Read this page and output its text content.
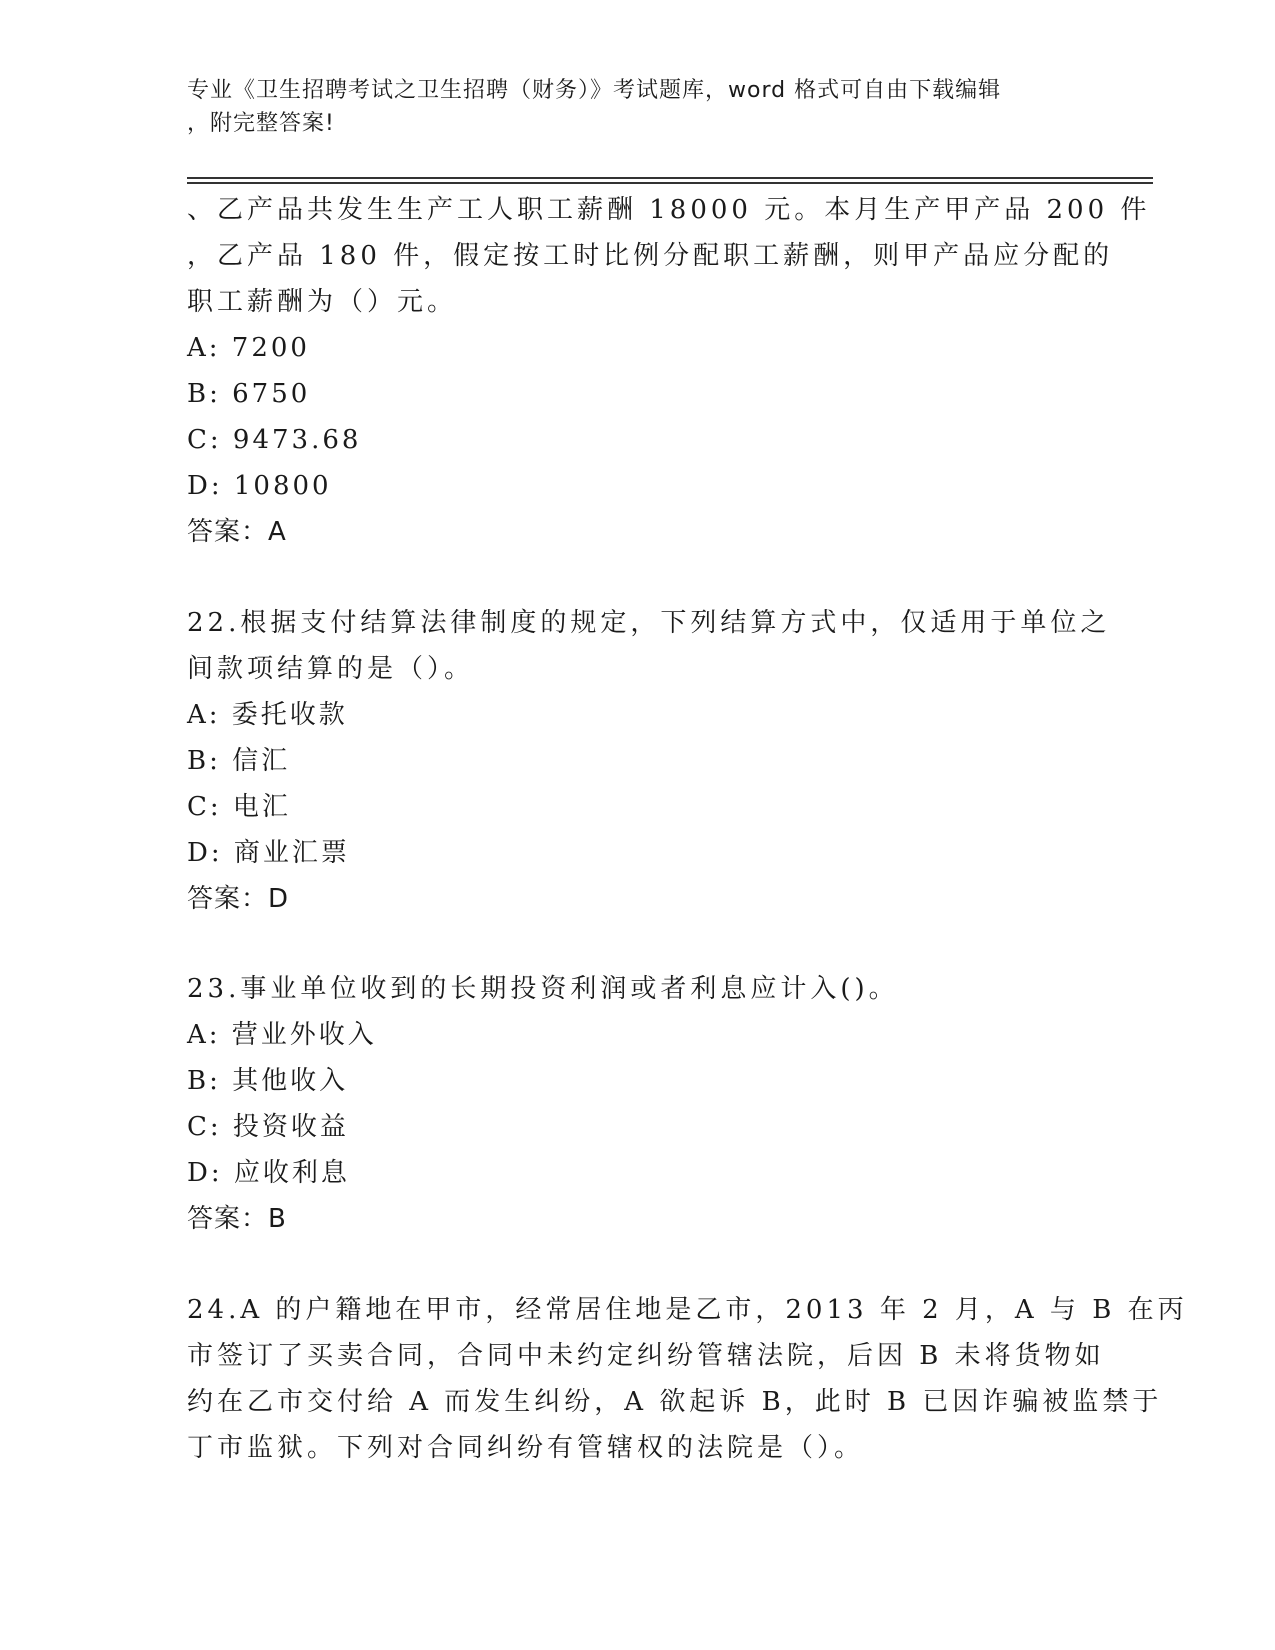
专业《卫生招聘考试之卫生招聘（财务）》考试题库，word 格式可自由下载编辑
，附完整答案!
、乙产品共发生生产工人职工薪酬 18000 元。本月生产甲产品 200 件
，乙产品 180 件，假定按工时比例分配职工薪酬，则甲产品应分配的
职工薪酬为（）元。
A: 7200
B: 6750
C: 9473.68
D: 10800
答案：A
22.根据支付结算法律制度的规定，下列结算方式中，仅适用于单位之
间款项结算的是（）。
A: 委托收款
B: 信汇
C: 电汇
D: 商业汇票
答案：D
23.事业单位收到的长期投资利润或者利息应计入()。
A: 营业外收入
B: 其他收入
C: 投资收益
D: 应收利息
答案：B
24.A 的户籍地在甲市，经常居住地是乙市，2013 年 2 月，A 与 B 在丙
市签订了买卖合同，合同中未约定纠纷管辖法院，后因 B 未将货物如
约在乙市交付给 A 而发生纠纷，A 欲起诉 B，此时 B 已因诈骗被监禁于
丁市监狱。下列对合同纠纷有管辖权的法院是（）。
